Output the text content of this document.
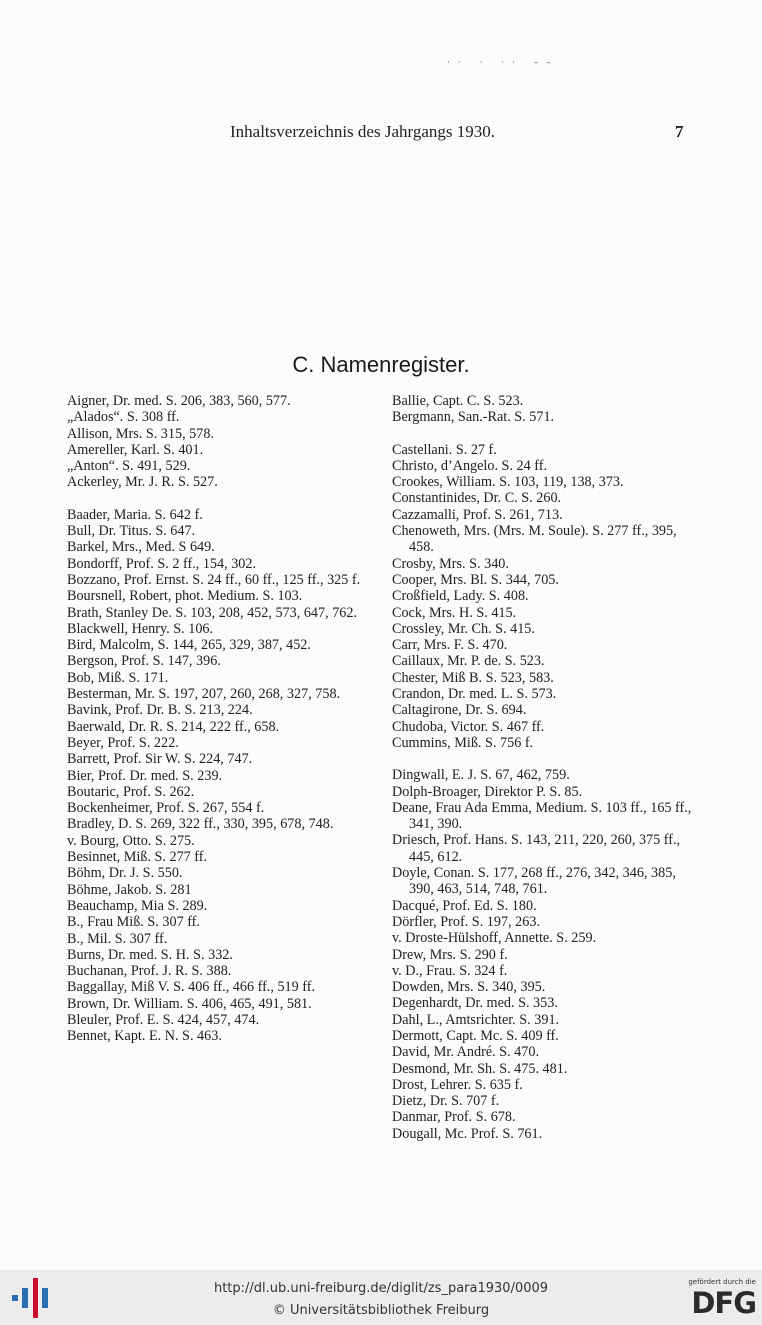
·· · ·· ––
Inhaltsverzeichnis des Jahrgangs 1930.	7
C. Namenregister.
Aigner, Dr. med. S. 206, 383, 560, 577.
„Alados“. S. 308 ff.
Allison, Mrs. S. 315, 578.
Amereller, Karl. S. 401.
„Anton“. S. 491, 529.
Ackerley, Mr. J. R. S. 527.
Baader, Maria. S. 642 f.
Bull, Dr. Titus. S. 647.
Barkel, Mrs., Med. S 649.
Bondorff, Prof. S. 2 ff., 154, 302.
Bozzano, Prof. Ernst. S. 24 ff., 60 ff., 125 ff., 325 f.
Boursnell, Robert, phot. Medium. S. 103.
Brath, Stanley De. S. 103, 208, 452, 573, 647, 762.
Blackwell, Henry. S. 106.
Bird, Malcolm, S. 144, 265, 329, 387, 452.
Bergson, Prof. S. 147, 396.
Bob, Miß. S. 171.
Besterman, Mr. S. 197, 207, 260, 268, 327, 758.
Bavink, Prof. Dr. B. S. 213, 224.
Baerwald, Dr. R. S. 214, 222 ff., 658.
Beyer, Prof. S. 222.
Barrett, Prof. Sir W. S. 224, 747.
Bier, Prof. Dr. med. S. 239.
Boutaric, Prof. S. 262.
Bockenheimer, Prof. S. 267, 554 f.
Bradley, D. S. 269, 322 ff., 330, 395, 678, 748.
v. Bourg, Otto. S. 275.
Besinnet, Miß. S. 277 ff.
Böhm, Dr. J. S. 550.
Böhme, Jakob. S. 281
Beauchamp, Mia S. 289.
B., Frau Miß. S. 307 ff.
B., Mil. S. 307 ff.
Burns, Dr. med. S. H. S. 332.
Buchanan, Prof. J. R. S. 388.
Baggallay, Miß V. S. 406 ff., 466 ff., 519 ff.
Brown, Dr. William. S. 406, 465, 491, 581.
Bleuler, Prof. E. S. 424, 457, 474.
Bennet, Kapt. E. N. S. 463.
Ballie, Capt. C. S. 523.
Bergmann, San.-Rat. S. 571.
Castellani. S. 27 f.
Christo, d’Angelo. S. 24 ff.
Crookes, William. S. 103, 119, 138, 373.
Constantinides, Dr. C. S. 260.
Cazzamalli, Prof. S. 261, 713.
Chenoweth, Mrs. (Mrs. M. Soule). S. 277 ff., 395, 458.
Crosby, Mrs. S. 340.
Cooper, Mrs. Bl. S. 344, 705.
Croßfield, Lady. S. 408.
Cock, Mrs. H. S. 415.
Crossley, Mr. Ch. S. 415.
Carr, Mrs. F. S. 470.
Caillaux, Mr. P. de. S. 523.
Chester, Miß B. S. 523, 583.
Crandon, Dr. med. L. S. 573.
Caltagirone, Dr. S. 694.
Chudoba, Victor. S. 467 ff.
Cummins, Miß. S. 756 f.
Dingwall, E. J. S. 67, 462, 759.
Dolph-Broager, Direktor P. S. 85.
Deane, Frau Ada Emma, Medium. S. 103 ff., 165 ff., 341, 390.
Driesch, Prof. Hans. S. 143, 211, 220, 260, 375 ff., 445, 612.
Doyle, Conan. S. 177, 268 ff., 276, 342, 346, 385, 390, 463, 514, 748, 761.
Dacqué, Prof. Ed. S. 180.
Dörfler, Prof. S. 197, 263.
v. Droste-Hülshoff, Annette. S. 259.
Drew, Mrs. S. 290 f.
v. D., Frau. S. 324 f.
Dowden, Mrs. S. 340, 395.
Degenhardt, Dr. med. S. 353.
Dahl, L., Amtsrichter. S. 391.
Dermott, Capt. Mc. S. 409 ff.
David, Mr. André. S. 470.
Desmond, Mr. Sh. S. 475. 481.
Drost, Lehrer. S. 635 f.
Dietz, Dr. S. 707 f.
Danmar, Prof. S. 678.
Dougall, Mc. Prof. S. 761.
http://dl.ub.uni-freiburg.de/diglit/zs_para1930/0009
© Universitätsbibliothek Freiburg
gefördert durch die
DFG
